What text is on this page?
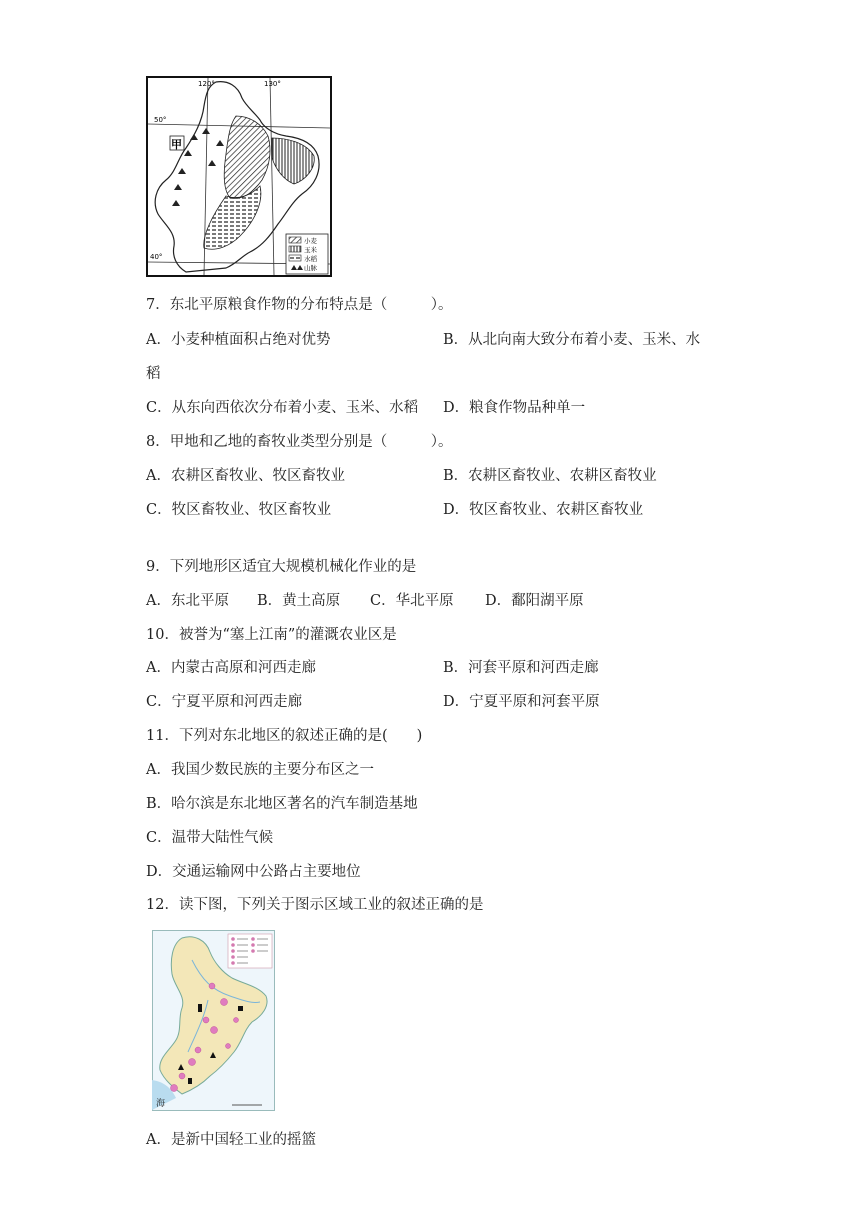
50°
40°
120°	130°
甲
小麦
玉米
水稻
山脉
7．东北平原粮食作物的分布特点是（　　　）。
A．小麦种植面积占绝对优势	B．从北向南大致分布着小麦、玉米、水
稻
C．从东向西依次分布着小麦、玉米、水稻 D．粮食作物品种单一
8．甲地和乙地的畜牧业类型分别是（　　　）。
A．农耕区畜牧业、牧区畜牧业	B．农耕区畜牧业、农耕区畜牧业
C．牧区畜牧业、牧区畜牧业	D．牧区畜牧业、农耕区畜牧业
9．下列地形区适宜大规模机械化作业的是
A．东北平原 B．黄土高原 C．华北平原 D．鄱阳湖平原
10．被誉为“塞上江南”的灌溉农业区是
A．内蒙古高原和河西走廊	B．河套平原和河西走廊
C．宁夏平原和河西走廊	D．宁夏平原和河套平原
11．下列对东北地区的叙述正确的是(　　)
A．我国少数民族的主要分布区之一
B．哈尔滨是东北地区著名的汽车制造基地
C．温带大陆性气候
D．交通运输网中公路占主要地位
12．读下图，下列关于图示区域工业的叙述正确的是
海
A．是新中国轻工业的摇篮
